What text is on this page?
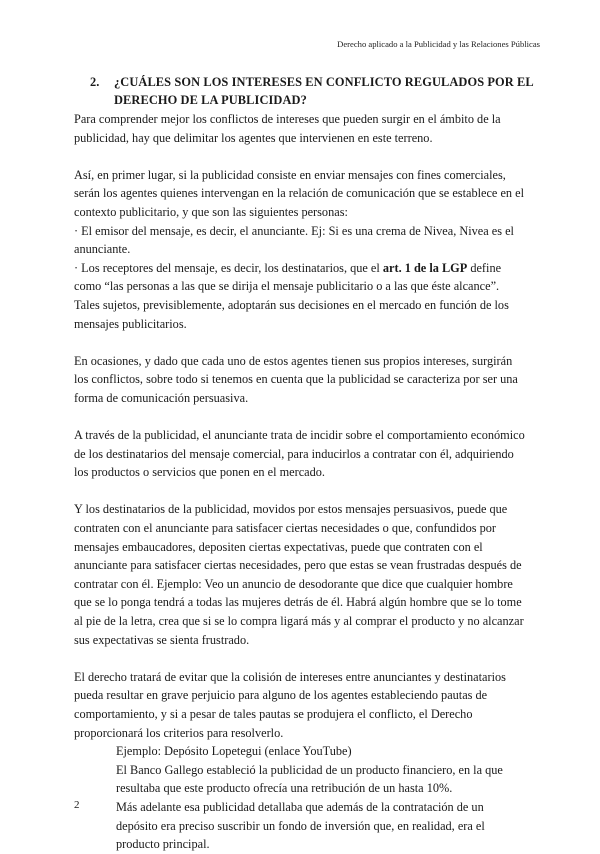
Derecho aplicado a la Publicidad y las Relaciones Públicas
2.	¿CUÁLES SON LOS INTERESES EN CONFLICTO REGULADOS POR EL DERECHO DE LA PUBLICIDAD?

Para comprender mejor los conflictos de intereses que pueden surgir en el ámbito de la publicidad, hay que delimitar los agentes que intervienen en este terreno.

Así, en primer lugar, si la publicidad consiste en enviar mensajes con fines comerciales, serán los agentes quienes intervengan en la relación de comunicación que se establece en el contexto publicitario, y que son las siguientes personas:

· El emisor del mensaje, es decir, el anunciante. Ej: Si es una crema de Nivea, Nivea es el anunciante.

· Los receptores del mensaje, es decir, los destinatarios, que el art. 1 de la LGP define como “las personas a las que se dirija el mensaje publicitario o a las que éste alcance”. Tales sujetos, previsiblemente, adoptarán sus decisiones en el mercado en función de los mensajes publicitarios.

En ocasiones, y dado que cada uno de estos agentes tienen sus propios intereses, surgirán los conflictos, sobre todo si tenemos en cuenta que la publicidad se caracteriza por ser una forma de comunicación persuasiva.

A través de la publicidad, el anunciante trata de incidir sobre el comportamiento económico de los destinatarios del mensaje comercial, para inducirlos a contratar con él, adquiriendo los productos o servicios que ponen en el mercado.

Y los destinatarios de la publicidad, movidos por estos mensajes persuasivos, puede que contraten con el anunciante para satisfacer ciertas necesidades o que, confundidos por mensajes embaucadores, depositen ciertas expectativas, puede que contraten con el anunciante para satisfacer ciertas necesidades, pero que estas se vean frustradas después de contratar con él. Ejemplo: Veo un anuncio de desodorante que dice que cualquier hombre que se lo ponga tendrá a todas las mujeres detrás de él. Habrá algún hombre que se lo tome al pie de la letra, crea que si se lo compra ligará más y al comprar el producto y no alcanzar sus expectativas se sienta frustrado.

El derecho tratará de evitar que la colisión de intereses entre anunciantes y destinatarios pueda resultar en grave perjuicio para alguno de los agentes estableciendo pautas de comportamiento, y si a pesar de tales pautas se produjera el conflicto, el Derecho proporcionará los criterios para resolverlo.

Ejemplo: Depósito Lopetegui (enlace YouTube)

El Banco Gallego estableció la publicidad de un producto financiero, en la que resultaba que este producto ofrecía una retribución de un hasta 10%.

Más adelante esa publicidad detallaba que además de la contratación de un depósito era preciso suscribir un fondo de inversión que, en realidad, era el producto principal.

2
